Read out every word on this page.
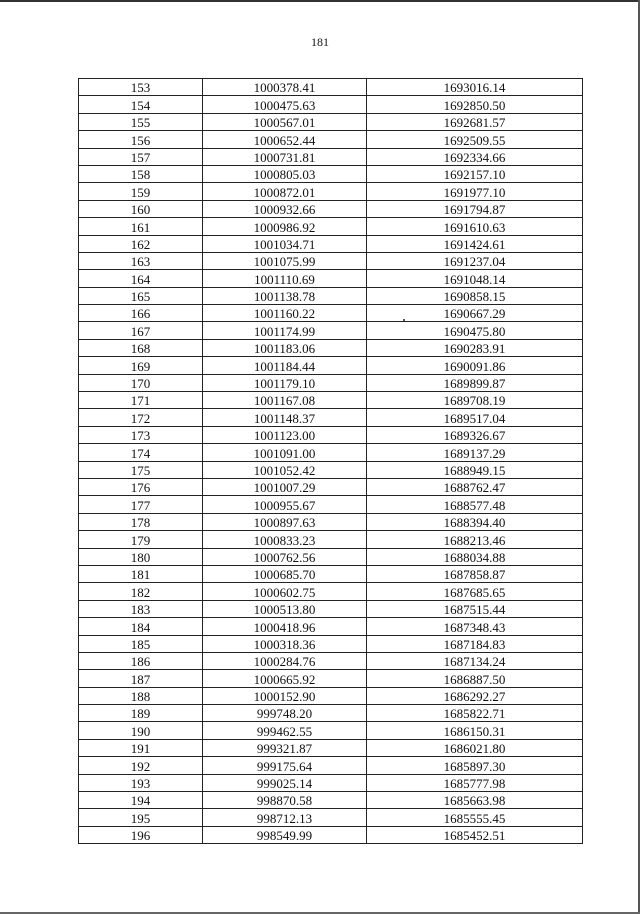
181
153	1000378.41	1693016.14
154	1000475.63	1692850.50
155	1000567.01	1692681.57
156	1000652.44	1692509.55
157	1000731.81	1692334.66
158	1000805.03	1692157.10
159	1000872.01	1691977.10
160	1000932.66	1691794.87
161	1000986.92	1691610.63
162	1001034.71	1691424.61
163	1001075.99	1691237.04
164	1001110.69	1691048.14
165	1001138.78	1690858.15
166	1001160.22	1690667.29
167	1001174.99	1690475.80
168	1001183.06	1690283.91
169	1001184.44	1690091.86
170	1001179.10	1689899.87
171	1001167.08	1689708.19
172	1001148.37	1689517.04
173	1001123.00	1689326.67
174	1001091.00	1689137.29
175	1001052.42	1688949.15
176	1001007.29	1688762.47
177	1000955.67	1688577.48
178	1000897.63	1688394.40
179	1000833.23	1688213.46
180	1000762.56	1688034.88
181	1000685.70	1687858.87
182	1000602.75	1687685.65
183	1000513.80	1687515.44
184	1000418.96	1687348.43
185	1000318.36	1687184.83
186	1000284.76	1687134.24
187	1000665.92	1686887.50
188	1000152.90	1686292.27
189	999748.20	1685822.71
190	999462.55	1686150.31
191	999321.87	1686021.80
192	999175.64	1685897.30
193	999025.14	1685777.98
194	998870.58	1685663.98
195	998712.13	1685555.45
196	998549.99	1685452.51
